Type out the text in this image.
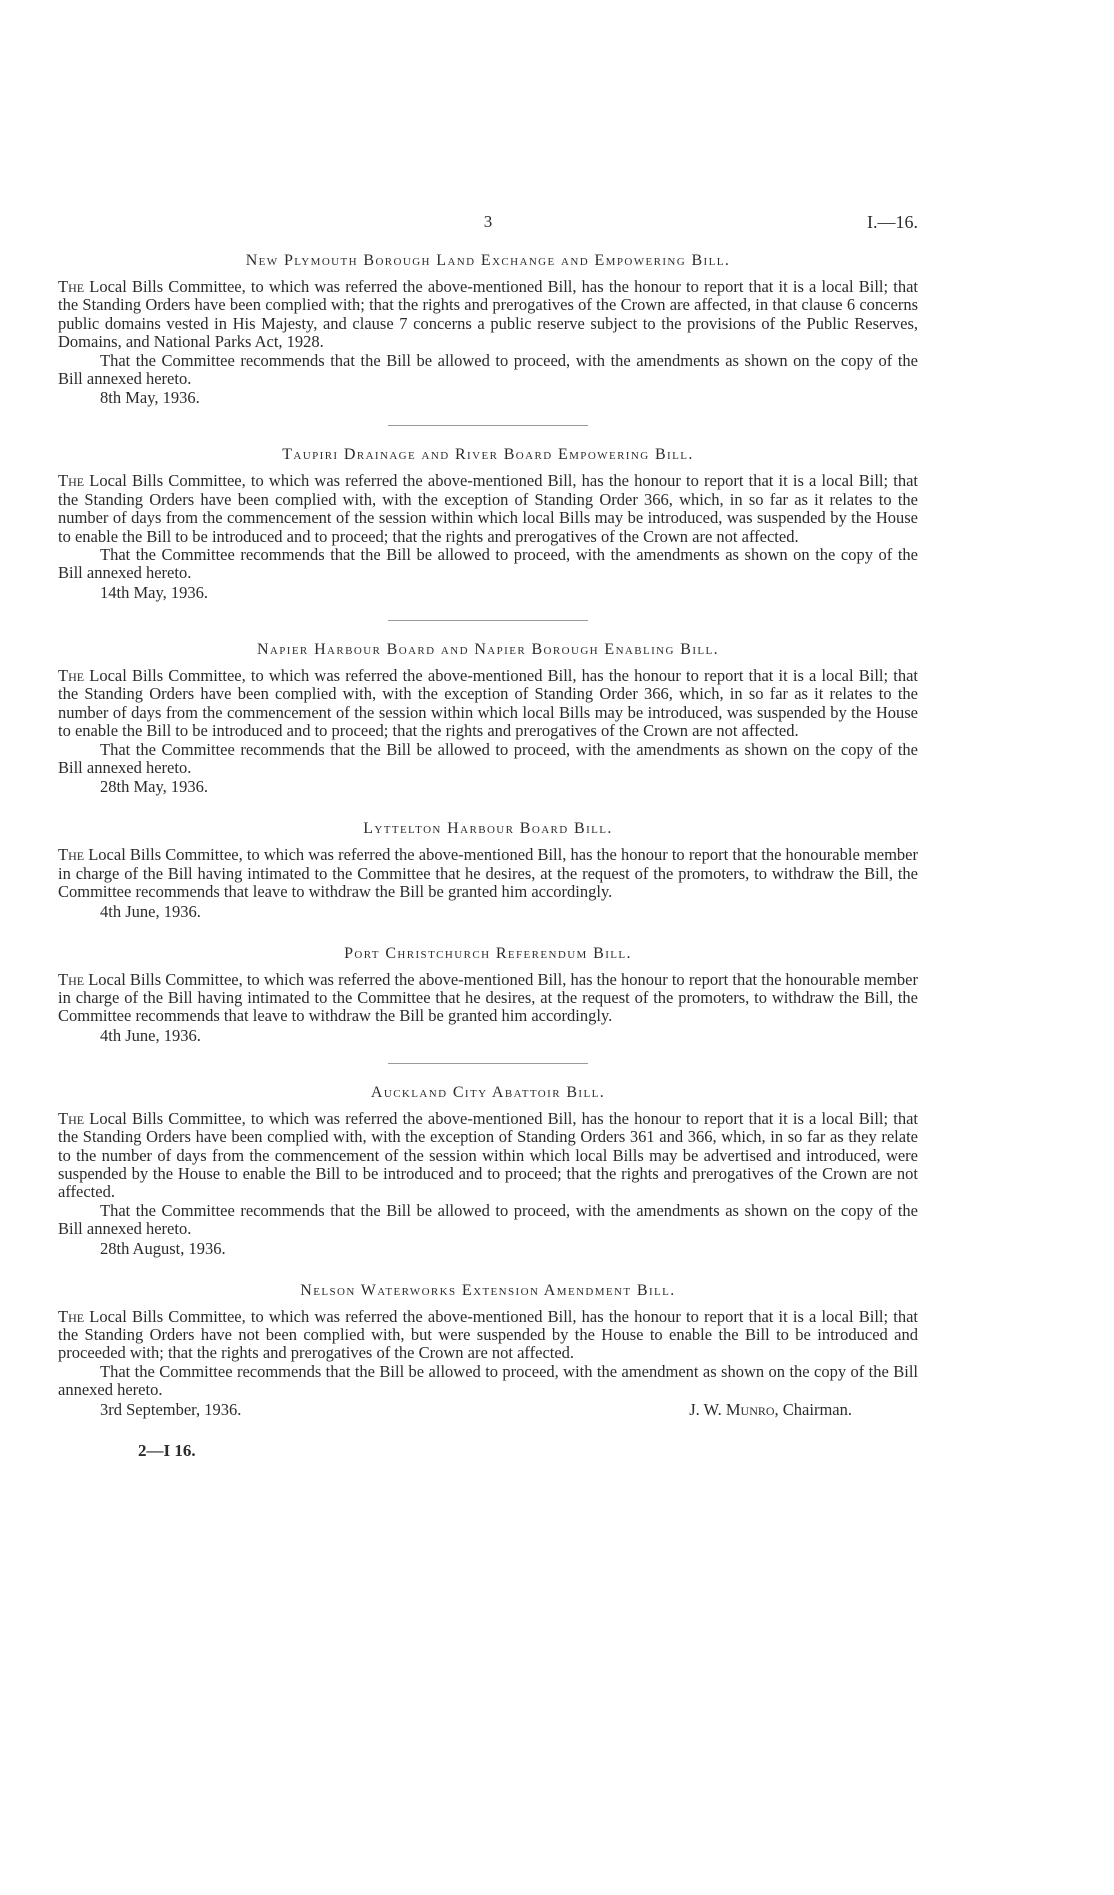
3	I.—16.
New Plymouth Borough Land Exchange and Empowering Bill.

The Local Bills Committee, to which was referred the above-mentioned Bill, has the honour to report that it is a local Bill; that the Standing Orders have been complied with; that the rights and prerogatives of the Crown are affected, in that clause 6 concerns public domains vested in His Majesty, and clause 7 concerns a public reserve subject to the provisions of the Public Reserves, Domains, and National Parks Act, 1928.

That the Committee recommends that the Bill be allowed to proceed, with the amendments as shown on the copy of the Bill annexed hereto.

8th May, 1936.

Taupiri Drainage and River Board Empowering Bill.

The Local Bills Committee, to which was referred the above-mentioned Bill, has the honour to report that it is a local Bill; that the Standing Orders have been complied with, with the exception of Standing Order 366, which, in so far as it relates to the number of days from the commencement of the session within which local Bills may be introduced, was suspended by the House to enable the Bill to be introduced and to proceed; that the rights and prerogatives of the Crown are not affected.

That the Committee recommends that the Bill be allowed to proceed, with the amendments as shown on the copy of the Bill annexed hereto.

14th May, 1936.

Napier Harbour Board and Napier Borough Enabling Bill.

The Local Bills Committee, to which was referred the above-mentioned Bill, has the honour to report that it is a local Bill; that the Standing Orders have been complied with, with the exception of Standing Order 366, which, in so far as it relates to the number of days from the commencement of the session within which local Bills may be introduced, was suspended by the House to enable the Bill to be introduced and to proceed; that the rights and prerogatives of the Crown are not affected.

That the Committee recommends that the Bill be allowed to proceed, with the amendments as shown on the copy of the Bill annexed hereto.

28th May, 1936.

Lyttelton Harbour Board Bill.

The Local Bills Committee, to which was referred the above-mentioned Bill, has the honour to report that the honourable member in charge of the Bill having intimated to the Committee that he desires, at the request of the promoters, to withdraw the Bill, the Committee recommends that leave to withdraw the Bill be granted him accordingly.

4th June, 1936.

Port Christchurch Referendum Bill.

The Local Bills Committee, to which was referred the above-mentioned Bill, has the honour to report that the honourable member in charge of the Bill having intimated to the Committee that he desires, at the request of the promoters, to withdraw the Bill, the Committee recommends that leave to withdraw the Bill be granted him accordingly.

4th June, 1936.

Auckland City Abattoir Bill.

The Local Bills Committee, to which was referred the above-mentioned Bill, has the honour to report that it is a local Bill; that the Standing Orders have been complied with, with the exception of Standing Orders 361 and 366, which, in so far as they relate to the number of days from the commencement of the session within which local Bills may be advertised and introduced, were suspended by the House to enable the Bill to be introduced and to proceed; that the rights and prerogatives of the Crown are not affected.

That the Committee recommends that the Bill be allowed to proceed, with the amendments as shown on the copy of the Bill annexed hereto.

28th August, 1936.

Nelson Waterworks Extension Amendment Bill.

The Local Bills Committee, to which was referred the above-mentioned Bill, has the honour to report that it is a local Bill; that the Standing Orders have not been complied with, but were suspended by the House to enable the Bill to be introduced and proceeded with; that the rights and prerogatives of the Crown are not affected.

That the Committee recommends that the Bill be allowed to proceed, with the amendment as shown on the copy of the Bill annexed hereto.

3rd September, 1936.	J. W. Munro, Chairman.
2—I 16.
